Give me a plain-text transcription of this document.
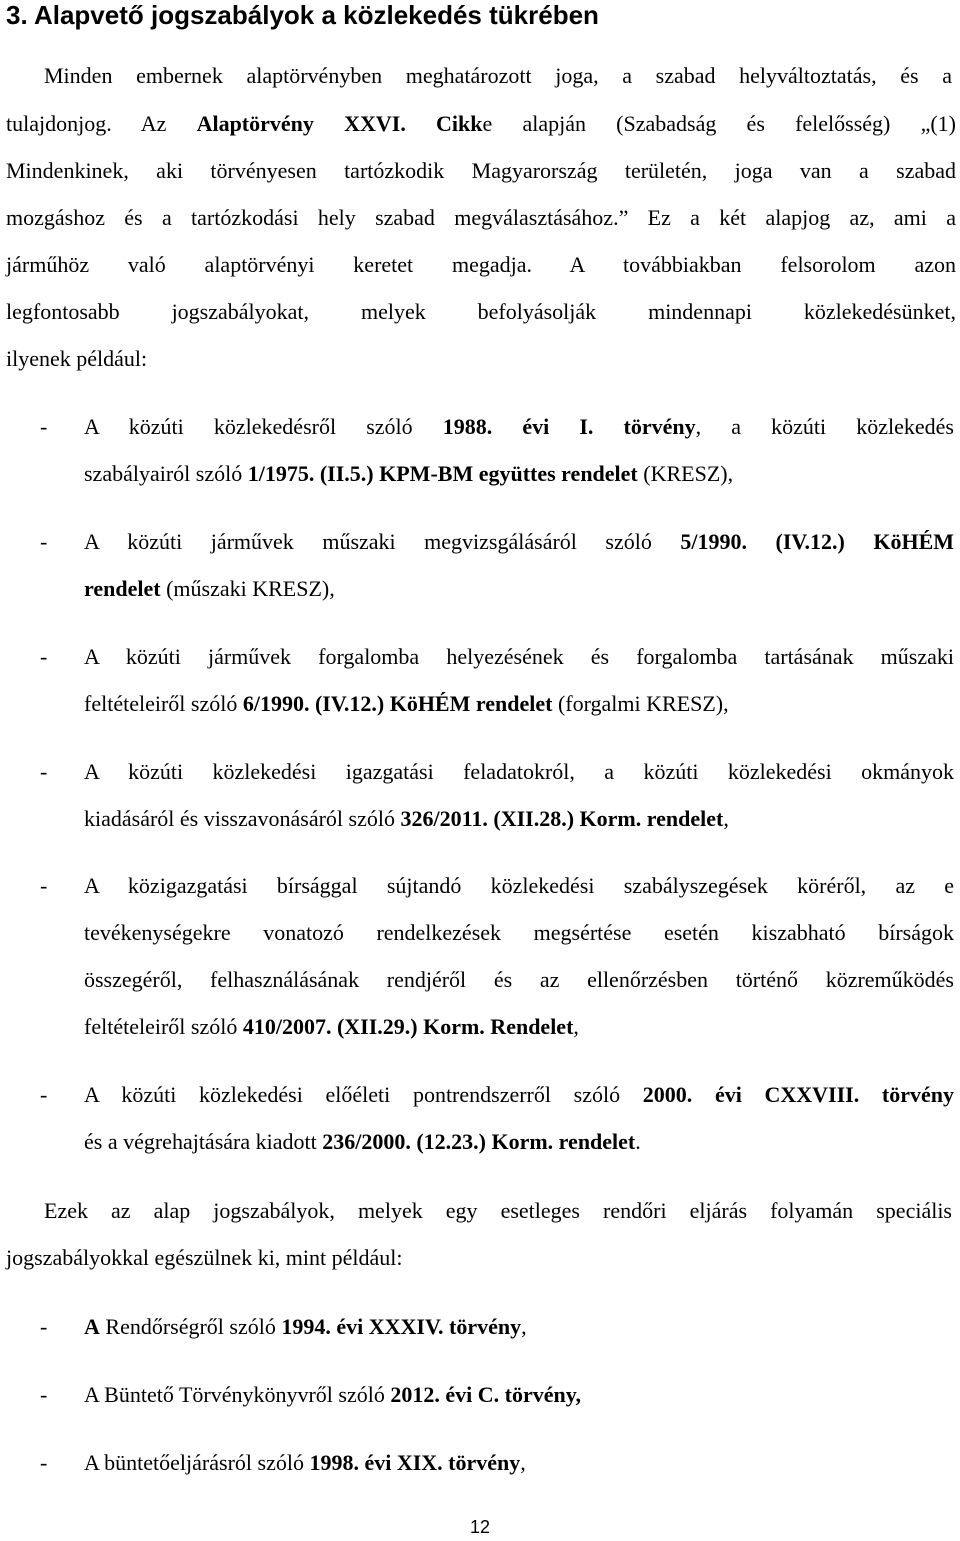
3. Alapvető jogszabályok a közlekedés tükrében
Minden embernek alaptörvényben meghatározott joga, a szabad helyváltoztatás, és a
tulajdonjog. Az Alaptörvény XXVI. Cikke alapján (Szabadság és felelősség) „(1)
Mindenkinek, aki törvényesen tartózkodik Magyarország területén, joga van a szabad
mozgáshoz és a tartózkodási hely szabad megválasztásához.” Ez a két alapjog az, ami a
járműhöz való alaptörvényi keretet megadja. A továbbiakban felsorolom azon
legfontosabb jogszabályokat, melyek befolyásolják mindennapi közlekedésünket,
ilyenek például:
-	A közúti közlekedésről szóló 1988. évi I. törvény, a közúti közlekedés
szabályairól szóló 1/1975. (II.5.) KPM-BM együttes rendelet (KRESZ),
-	A közúti járművek műszaki megvizsgálásáról szóló 5/1990. (IV.12.) KöHÉM
rendelet (műszaki KRESZ),
-	A közúti járművek forgalomba helyezésének és forgalomba tartásának műszaki
feltételeiről szóló 6/1990. (IV.12.) KöHÉM rendelet (forgalmi KRESZ),
-	A közúti közlekedési igazgatási feladatokról, a közúti közlekedési okmányok
kiadásáról és visszavonásáról szóló 326/2011. (XII.28.) Korm. rendelet,
-	A közigazgatási bírsággal sújtandó közlekedési szabályszegések köréről, az e
tevékenységekre vonatozó rendelkezések megsértése esetén kiszabható bírságok
összegéről, felhasználásának rendjéről és az ellenőrzésben történő közreműködés
feltételeiről szóló 410/2007. (XII.29.) Korm. Rendelet,
-	A közúti közlekedési előéleti pontrendszerről szóló 2000. évi CXXVIII. törvény
és a végrehajtására kiadott 236/2000. (12.23.) Korm. rendelet.
Ezek az alap jogszabályok, melyek egy esetleges rendőri eljárás folyamán speciális
jogszabályokkal egészülnek ki, mint például:
-	A Rendőrségről szóló 1994. évi XXXIV. törvény,
-	A Büntető Törvénykönyvről szóló 2012. évi C. törvény,
-	A büntetőeljárásról szóló 1998. évi XIX. törvény,
12
